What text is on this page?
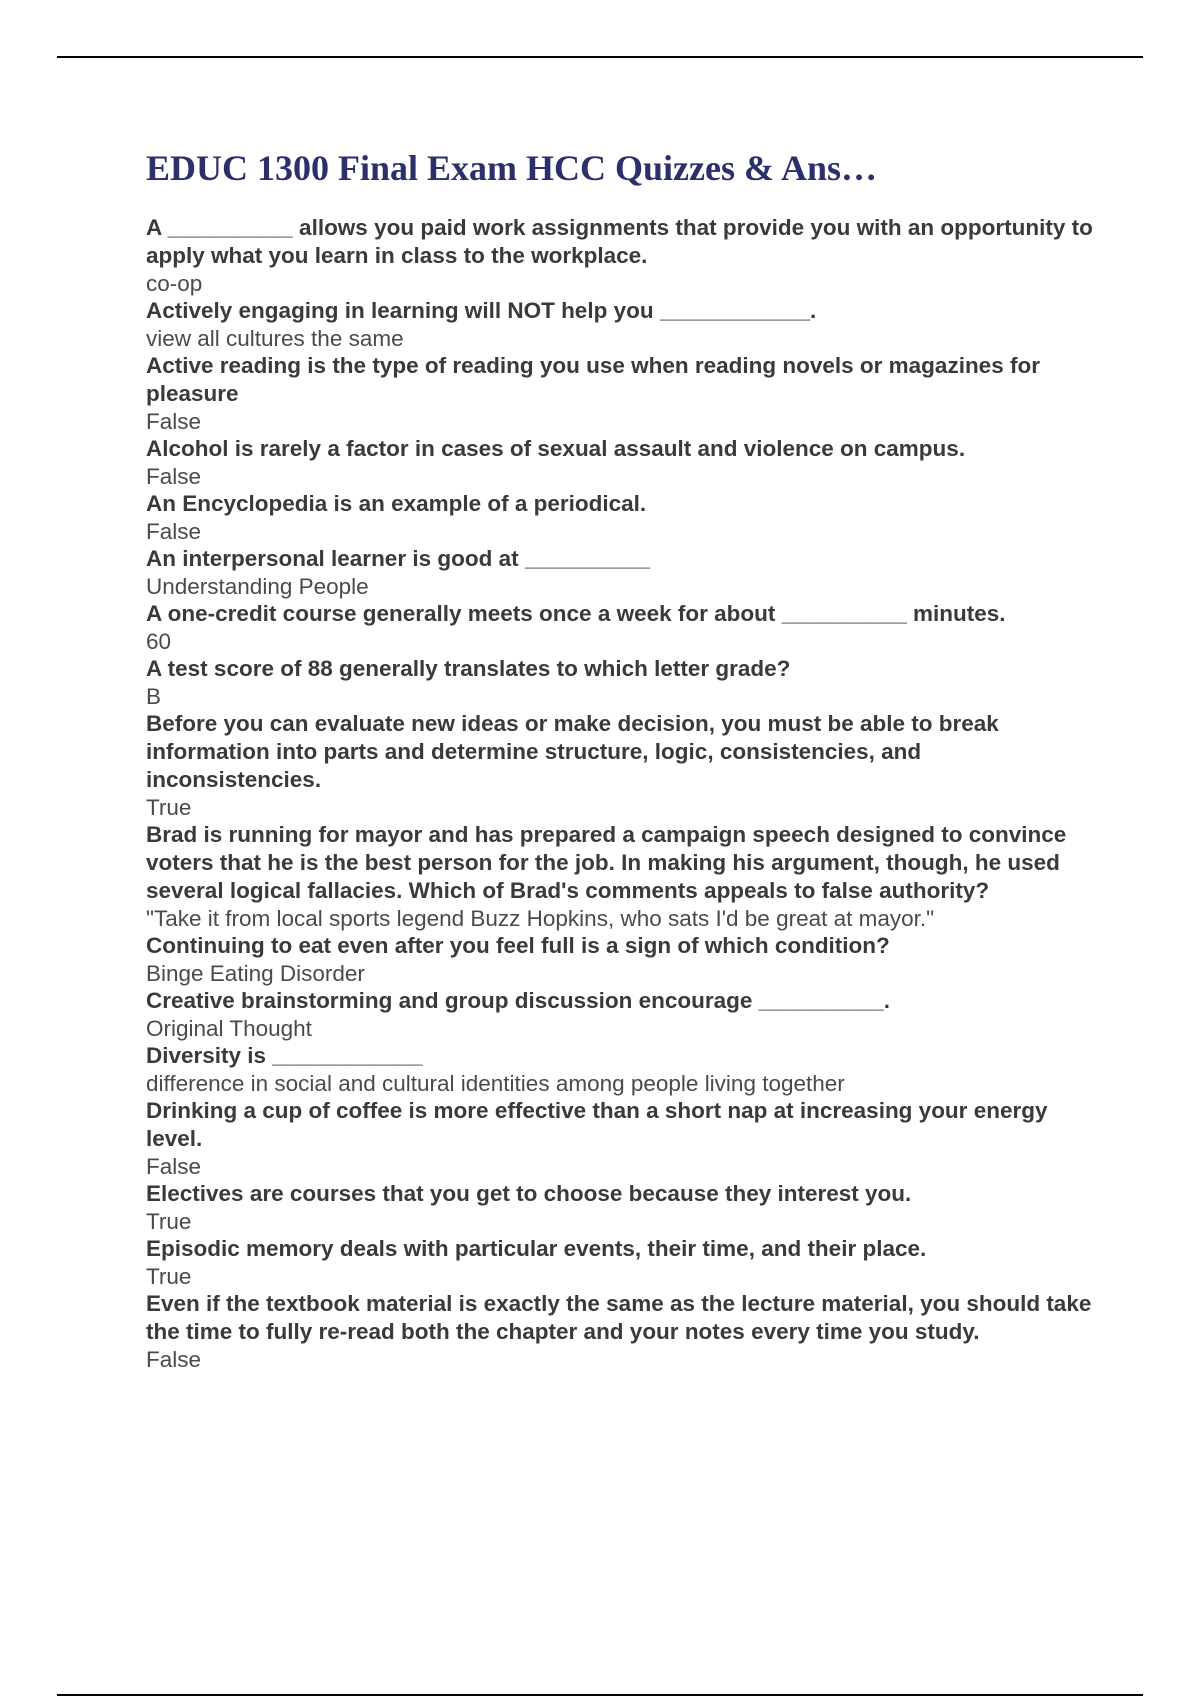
EDUC 1300 Final Exam HCC Quizzes & Ans…

A __________ allows you paid work assignments that provide you with an opportunity to apply what you learn in class to the workplace.

co-op

Actively engaging in learning will NOT help you ____________.

view all cultures the same

Active reading is the type of reading you use when reading novels or magazines for pleasure

False

Alcohol is rarely a factor in cases of sexual assault and violence on campus.

False

An Encyclopedia is an example of a periodical.

False

An interpersonal learner is good at __________

Understanding People

A one-credit course generally meets once a week for about __________ minutes.

60

A test score of 88 generally translates to which letter grade?

B

Before you can evaluate new ideas or make decision, you must be able to break information into parts and determine structure, logic, consistencies, and inconsistencies.

True

Brad is running for mayor and has prepared a campaign speech designed to convince voters that he is the best person for the job. In making his argument, though, he used several logical fallacies. Which of Brad's comments appeals to false authority?

"Take it from local sports legend Buzz Hopkins, who sats I'd be great at mayor."

Continuing to eat even after you feel full is a sign of which condition?

Binge Eating Disorder

Creative brainstorming and group discussion encourage __________.

Original Thought

Diversity is ____________

difference in social and cultural identities among people living together

Drinking a cup of coffee is more effective than a short nap at increasing your energy level.

False

Electives are courses that you get to choose because they interest you.

True

Episodic memory deals with particular events, their time, and their place.

True

Even if the textbook material is exactly the same as the lecture material, you should take the time to fully re-read both the chapter and your notes every time you study.

False
